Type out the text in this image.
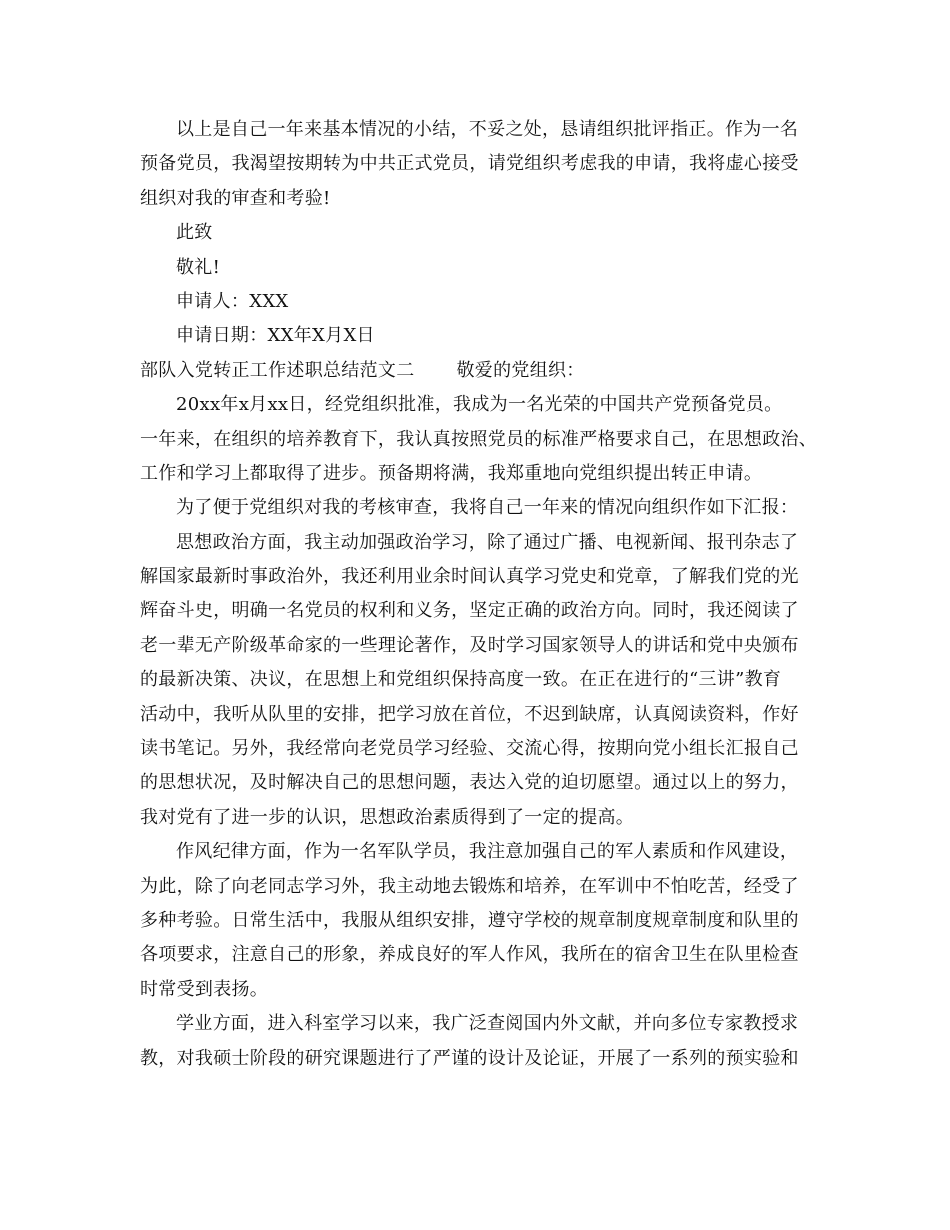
以上是自己一年来基本情况的小结，不妥之处，恳请组织批评指正。作为一名
预备党员，我渴望按期转为中共正式党员，请党组织考虑我的申请，我将虚心接受
组织对我的审查和考验!
此致
敬礼!
申请人：XXX
申请日期：XX年X月X日
部队入党转正工作述职总结范文二 敬爱的党组织：
20xx年x月xx日，经党组织批准，我成为一名光荣的中国共产党预备党员。
一年来，在组织的培养教育下，我认真按照党员的标准严格要求自己，在思想政治、
工作和学习上都取得了进步。预备期将满，我郑重地向党组织提出转正申请。
为了便于党组织对我的考核审查，我将自己一年来的情况向组织作如下汇报：
思想政治方面，我主动加强政治学习，除了通过广播、电视新闻、报刊杂志了
解国家最新时事政治外，我还利用业余时间认真学习党史和党章，了解我们党的光
辉奋斗史，明确一名党员的权利和义务，坚定正确的政治方向。同时，我还阅读了
老一辈无产阶级革命家的一些理论著作，及时学习国家领导人的讲话和党中央颁布
的最新决策、决议，在思想上和党组织保持高度一致。在正在进行的“三讲”教育
活动中，我听从队里的安排，把学习放在首位，不迟到缺席，认真阅读资料，作好
读书笔记。另外，我经常向老党员学习经验、交流心得，按期向党小组长汇报自己
的思想状况，及时解决自己的思想问题，表达入党的迫切愿望。通过以上的努力，
我对党有了进一步的认识，思想政治素质得到了一定的提高。
作风纪律方面，作为一名军队学员，我注意加强自己的军人素质和作风建设，
为此，除了向老同志学习外，我主动地去锻炼和培养，在军训中不怕吃苦，经受了
多种考验。日常生活中，我服从组织安排，遵守学校的规章制度规章制度和队里的
各项要求，注意自己的形象，养成良好的军人作风，我所在的宿舍卫生在队里检查
时常受到表扬。
学业方面，进入科室学习以来，我广泛查阅国内外文献，并向多位专家教授求
教，对我硕士阶段的研究课题进行了严谨的设计及论证，开展了一系列的预实验和
